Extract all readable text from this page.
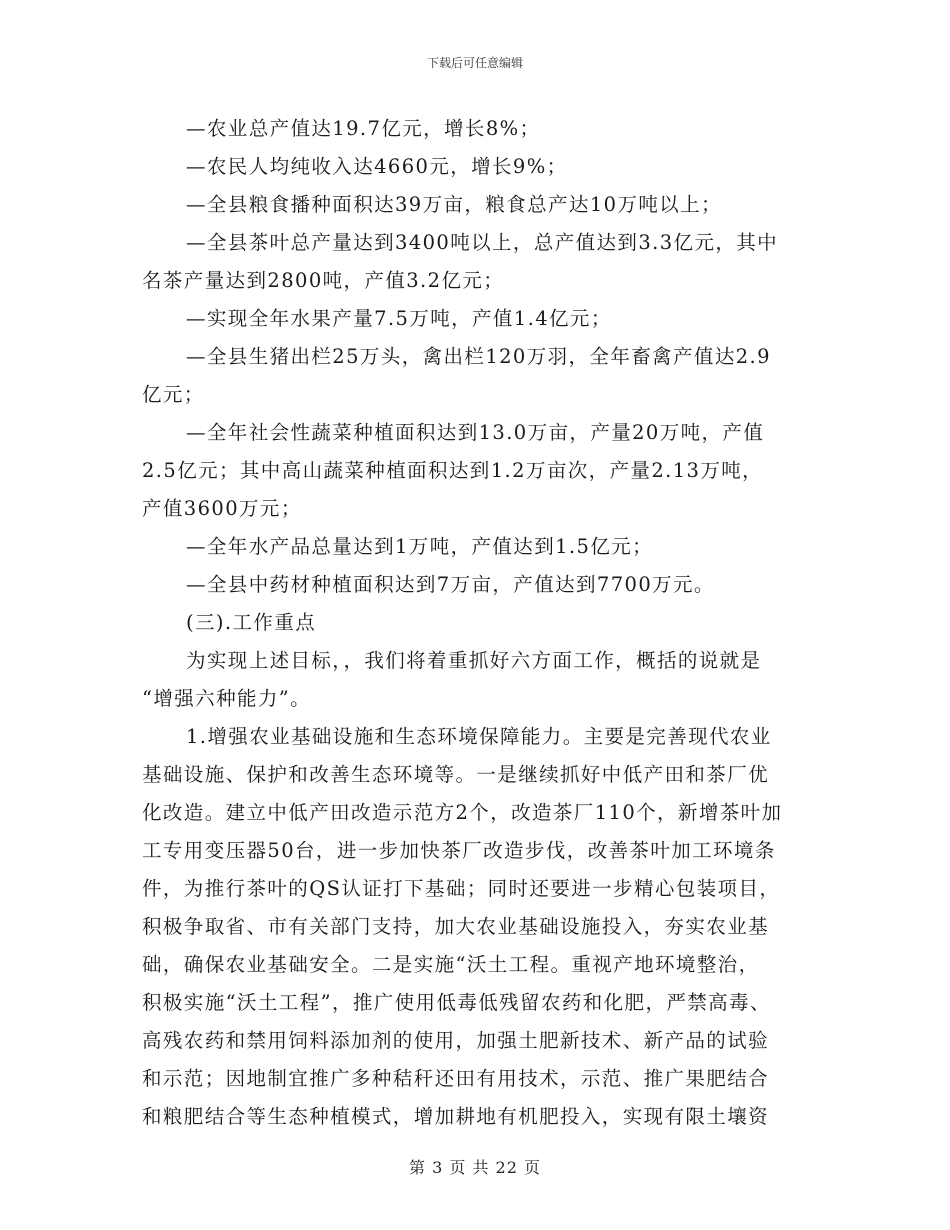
下载后可任意编辑
—农业总产值达19.7亿元，增长8%；
—农民人均纯收入达4660元，增长9%；
—全县粮食播种面积达39万亩，粮食总产达10万吨以上；
—全县茶叶总产量达到3400吨以上，总产值达到3.3亿元，其中
名茶产量达到2800吨，产值3.2亿元；
—实现全年水果产量7.5万吨，产值1.4亿元；
—全县生猪出栏25万头，禽出栏120万羽，全年畜禽产值达2.9
亿元；
—全年社会性蔬菜种植面积达到13.0万亩，产量20万吨，产值
2.5亿元；其中高山蔬菜种植面积达到1.2万亩次，产量2.13万吨，
产值3600万元；
—全年水产品总量达到1万吨，产值达到1.5亿元；
—全县中药材种植面积达到7万亩，产值达到7700万元。
(三).工作重点
为实现上述目标，，我们将着重抓好六方面工作，概括的说就是
“增强六种能力”。
1.增强农业基础设施和生态环境保障能力。主要是完善现代农业
基础设施、保护和改善生态环境等。一是继续抓好中低产田和茶厂优
化改造。建立中低产田改造示范方2个，改造茶厂110个，新增茶叶加
工专用变压器50台，进一步加快茶厂改造步伐，改善茶叶加工环境条
件，为推行茶叶的QS认证打下基础；同时还要进一步精心包装项目，
积极争取省、市有关部门支持，加大农业基础设施投入，夯实农业基
础，确保农业基础安全。二是实施“沃土工程。重视产地环境整治，
积极实施“沃土工程”，推广使用低毒低残留农药和化肥，严禁高毒、
高残农药和禁用饲料添加剂的使用，加强土肥新技术、新产品的试验
和示范；因地制宜推广多种秸秆还田有用技术，示范、推广果肥结合
和粮肥结合等生态种植模式，增加耕地有机肥投入，实现有限土壤资
第 3 页 共 22 页
